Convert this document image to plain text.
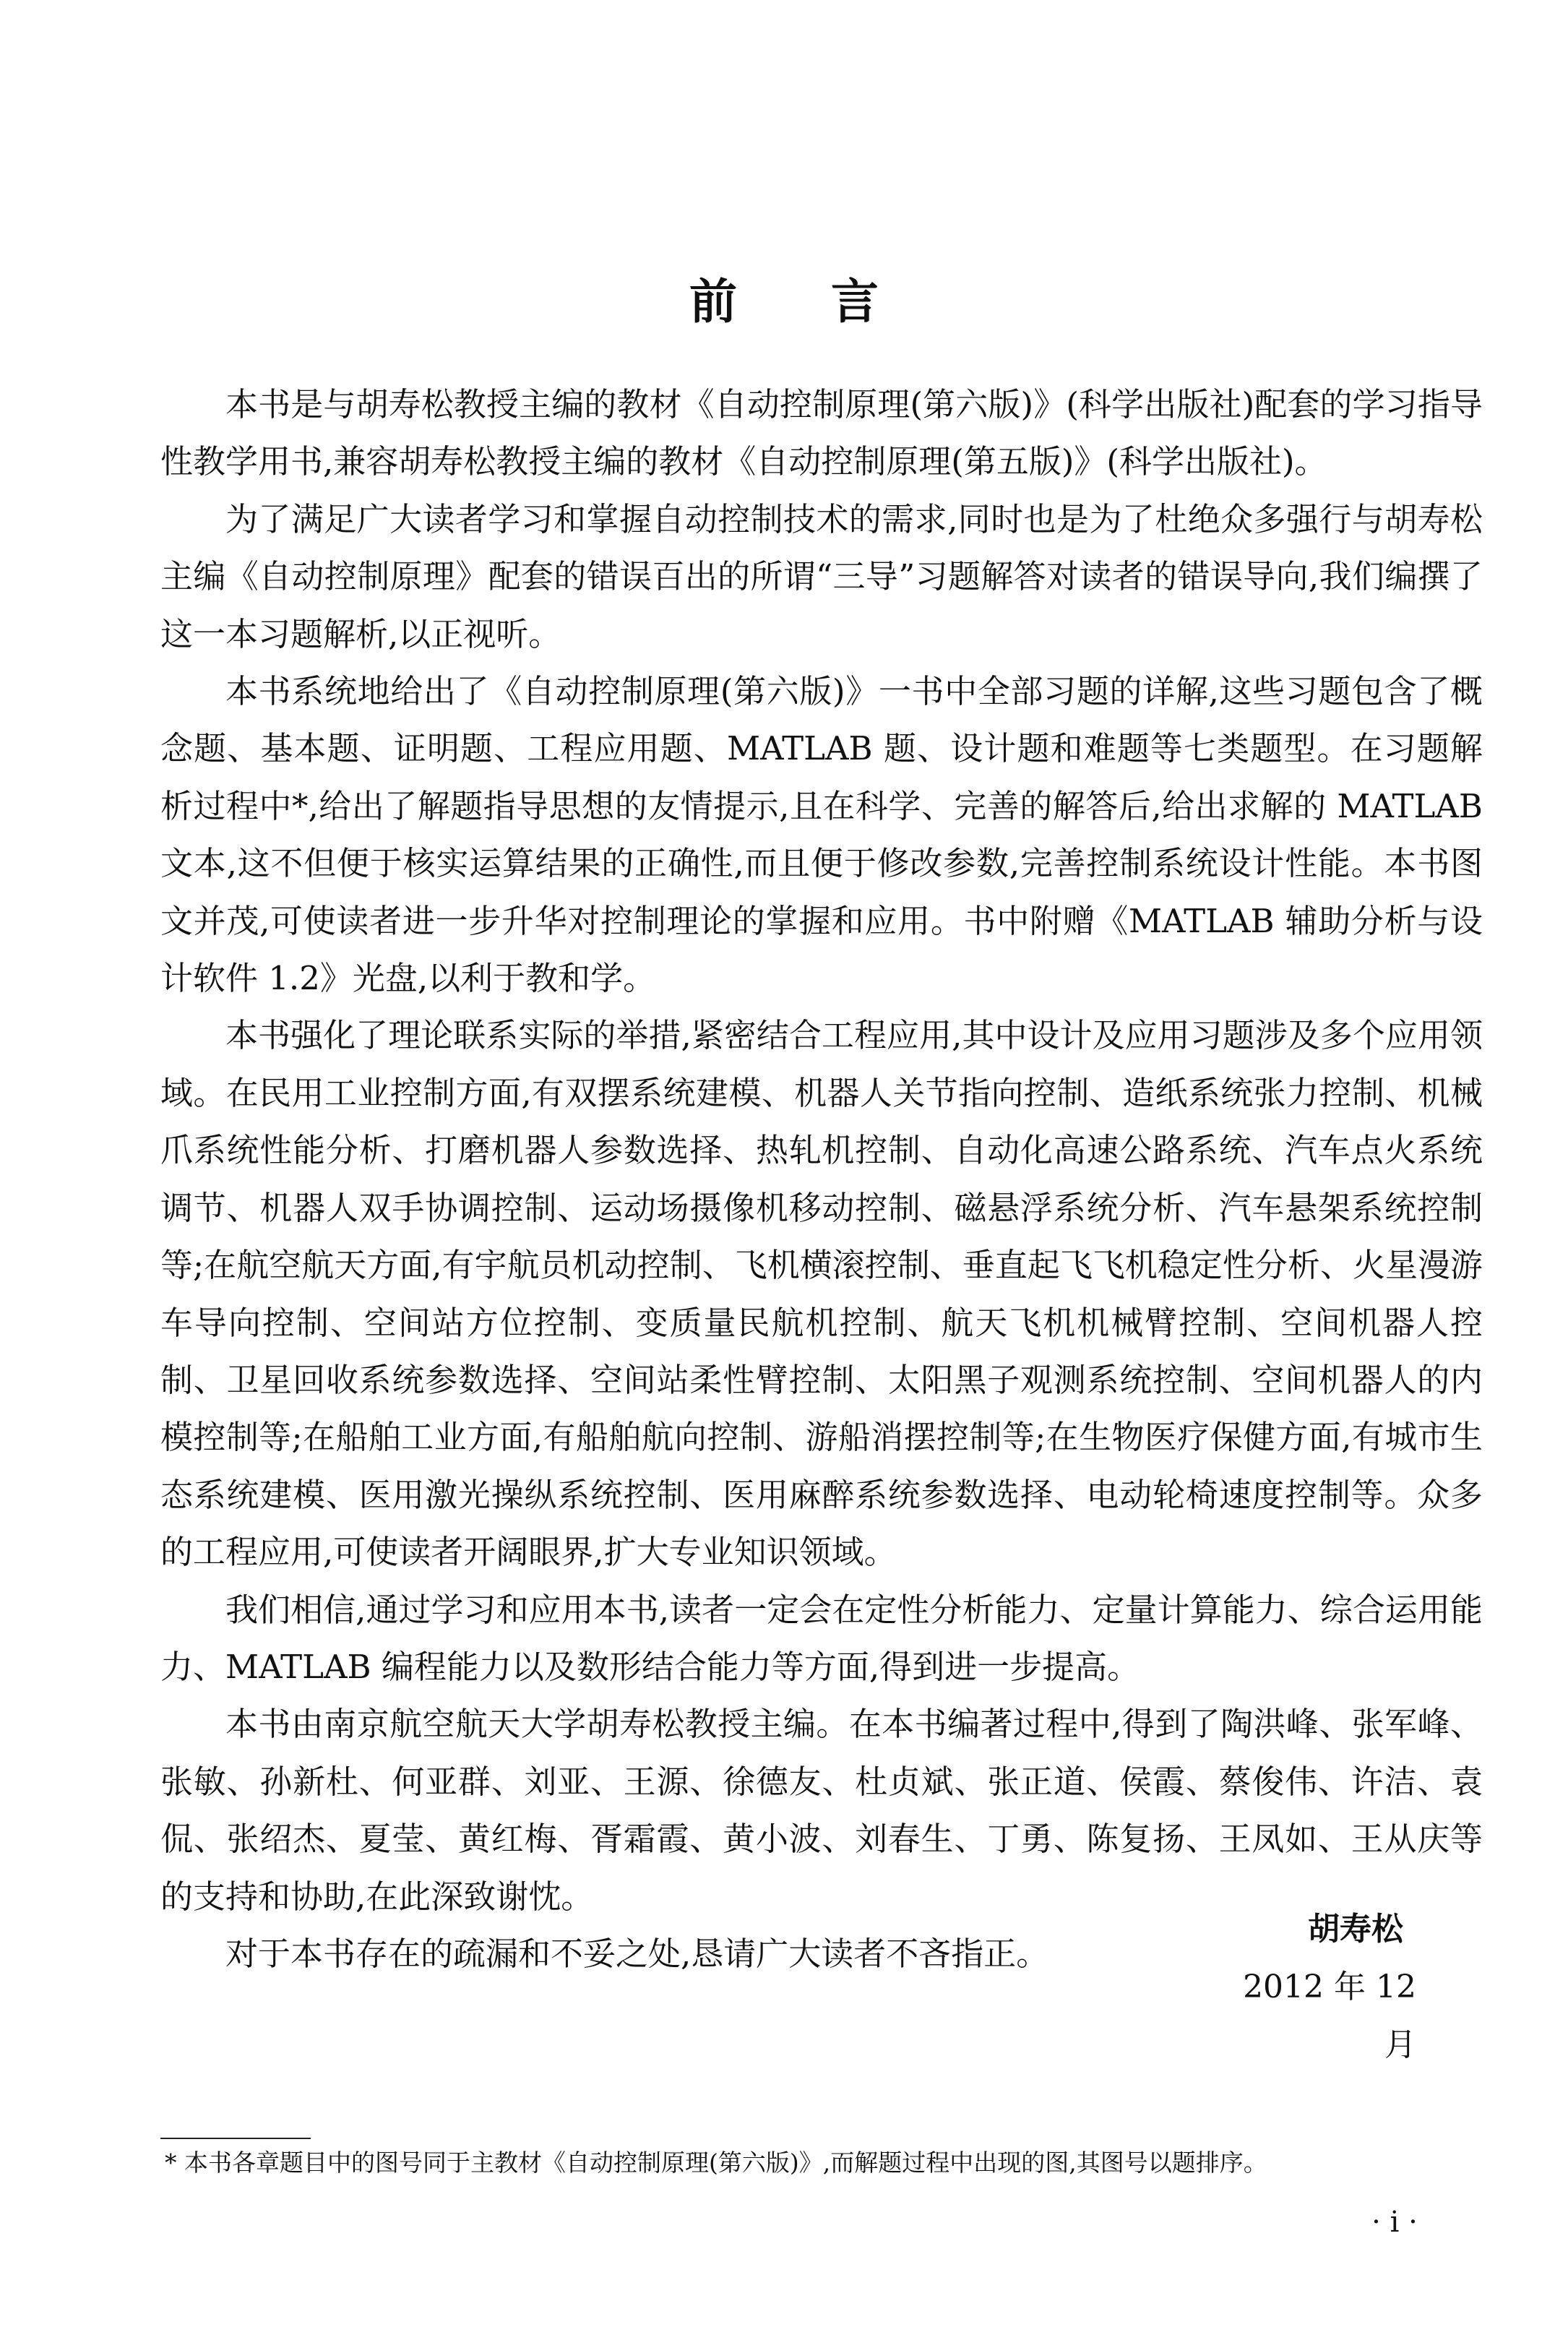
前言

本书是与胡寿松教授主编的教材《自动控制原理(第六版)》(科学出版社)配套的学习指导性教学用书,兼容胡寿松教授主编的教材《自动控制原理(第五版)》(科学出版社)。

为了满足广大读者学习和掌握自动控制技术的需求,同时也是为了杜绝众多强行与胡寿松主编《自动控制原理》配套的错误百出的所谓“三导”习题解答对读者的错误导向,我们编撰了这一本习题解析,以正视听。

本书系统地给出了《自动控制原理(第六版)》一书中全部习题的详解,这些习题包含了概念题、基本题、证明题、工程应用题、MATLAB 题、设计题和难题等七类题型。在习题解析过程中*,给出了解题指导思想的友情提示,且在科学、完善的解答后,给出求解的 MATLAB 文本,这不但便于核实运算结果的正确性,而且便于修改参数,完善控制系统设计性能。本书图文并茂,可使读者进一步升华对控制理论的掌握和应用。书中附赠《MATLAB 辅助分析与设计软件 1.2》光盘,以利于教和学。

本书强化了理论联系实际的举措,紧密结合工程应用,其中设计及应用习题涉及多个应用领域。在民用工业控制方面,有双摆系统建模、机器人关节指向控制、造纸系统张力控制、机械爪系统性能分析、打磨机器人参数选择、热轧机控制、自动化高速公路系统、汽车点火系统调节、机器人双手协调控制、运动场摄像机移动控制、磁悬浮系统分析、汽车悬架系统控制等;在航空航天方面,有宇航员机动控制、飞机横滚控制、垂直起飞飞机稳定性分析、火星漫游车导向控制、空间站方位控制、变质量民航机控制、航天飞机机械臂控制、空间机器人控制、卫星回收系统参数选择、空间站柔性臂控制、太阳黑子观测系统控制、空间机器人的内模控制等;在船舶工业方面,有船舶航向控制、游船消摆控制等;在生物医疗保健方面,有城市生态系统建模、医用激光操纵系统控制、医用麻醉系统参数选择、电动轮椅速度控制等。众多的工程应用,可使读者开阔眼界,扩大专业知识领域。

我们相信,通过学习和应用本书,读者一定会在定性分析能力、定量计算能力、综合运用能力、MATLAB 编程能力以及数形结合能力等方面,得到进一步提高。

本书由南京航空航天大学胡寿松教授主编。在本书编著过程中,得到了陶洪峰、张军峰、张敏、孙新杜、何亚群、刘亚、王源、徐德友、杜贞斌、张正道、侯霞、蔡俊伟、许洁、袁侃、张绍杰、夏莹、黄红梅、胥霜霞、黄小波、刘春生、丁勇、陈复扬、王凤如、王从庆等的支持和协助,在此深致谢忱。

对于本书存在的疏漏和不妥之处,恳请广大读者不吝指正。

胡寿松
2012 年 12 月
* 本书各章题目中的图号同于主教材《自动控制原理(第六版)》,而解题过程中出现的图,其图号以题排序。
· i ·
